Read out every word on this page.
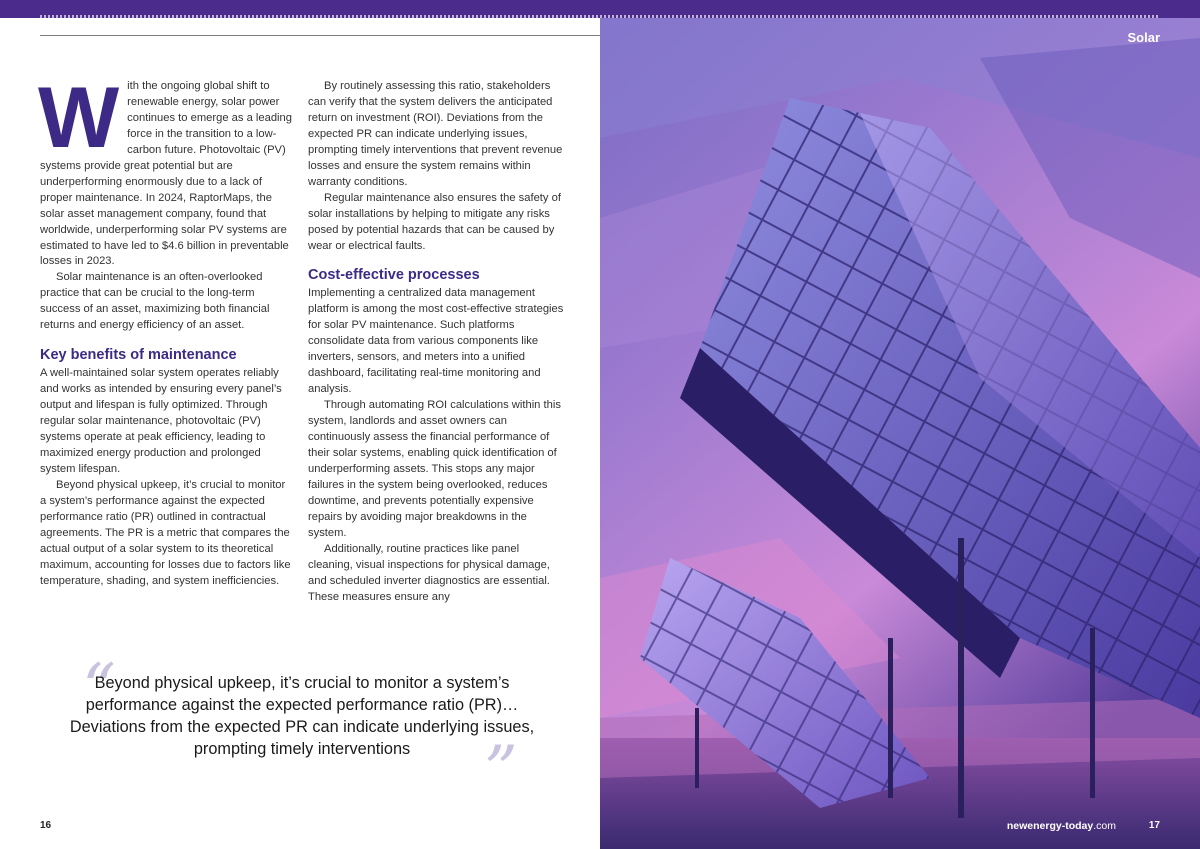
Solar

With the ongoing global shift to renewable energy, solar power continues to emerge as a leading force in the transition to a low-carbon future. Photovoltaic (PV) systems provide great potential but are underperforming enormously due to a lack of proper maintenance. In 2024, RaptorMaps, the solar asset management company, found that worldwide, underperforming solar PV systems are estimated to have led to $4.6 billion in preventable losses in 2023.

Solar maintenance is an often-overlooked practice that can be crucial to the long-term success of an asset, maximizing both financial returns and energy efficiency of an asset.

Key benefits of maintenance

A well-maintained solar system operates reliably and works as intended by ensuring every panel’s output and lifespan is fully optimized. Through regular solar maintenance, photovoltaic (PV) systems operate at peak efficiency, leading to maximized energy production and prolonged system lifespan.

Beyond physical upkeep, it’s crucial to monitor a system’s performance against the expected performance ratio (PR) outlined in contractual agreements. The PR is a metric that compares the actual output of a solar system to its theoretical maximum, accounting for losses due to factors like temperature, shading, and system inefficiencies.

By routinely assessing this ratio, stakeholders can verify that the system delivers the anticipated return on investment (ROI). Deviations from the expected PR can indicate underlying issues, prompting timely interventions that prevent revenue losses and ensure the system remains within warranty conditions.

Regular maintenance also ensures the safety of solar installations by helping to mitigate any risks posed by potential hazards that can be caused by wear or electrical faults.

Cost-effective processes

Implementing a centralized data management platform is among the most cost-effective strategies for solar PV maintenance. Such platforms consolidate data from various components like inverters, sensors, and meters into a unified dashboard, facilitating real-time monitoring and analysis.

Through automating ROI calculations within this system, landlords and asset owners can continuously assess the financial performance of their solar systems, enabling quick identification of underperforming assets. This stops any major failures in the system being overlooked, reduces downtime, and prevents potentially expensive repairs by avoiding major breakdowns in the system.

Additionally, routine practices like panel cleaning, visual inspections for physical damage, and scheduled inverter diagnostics are essential. These measures ensure any

“
Beyond physical upkeep, it’s crucial to monitor a system’s performance against the expected performance ratio (PR)… Deviations from the expected PR can indicate underlying issues, prompting timely interventions	”
16	newenergy-today.com	17
